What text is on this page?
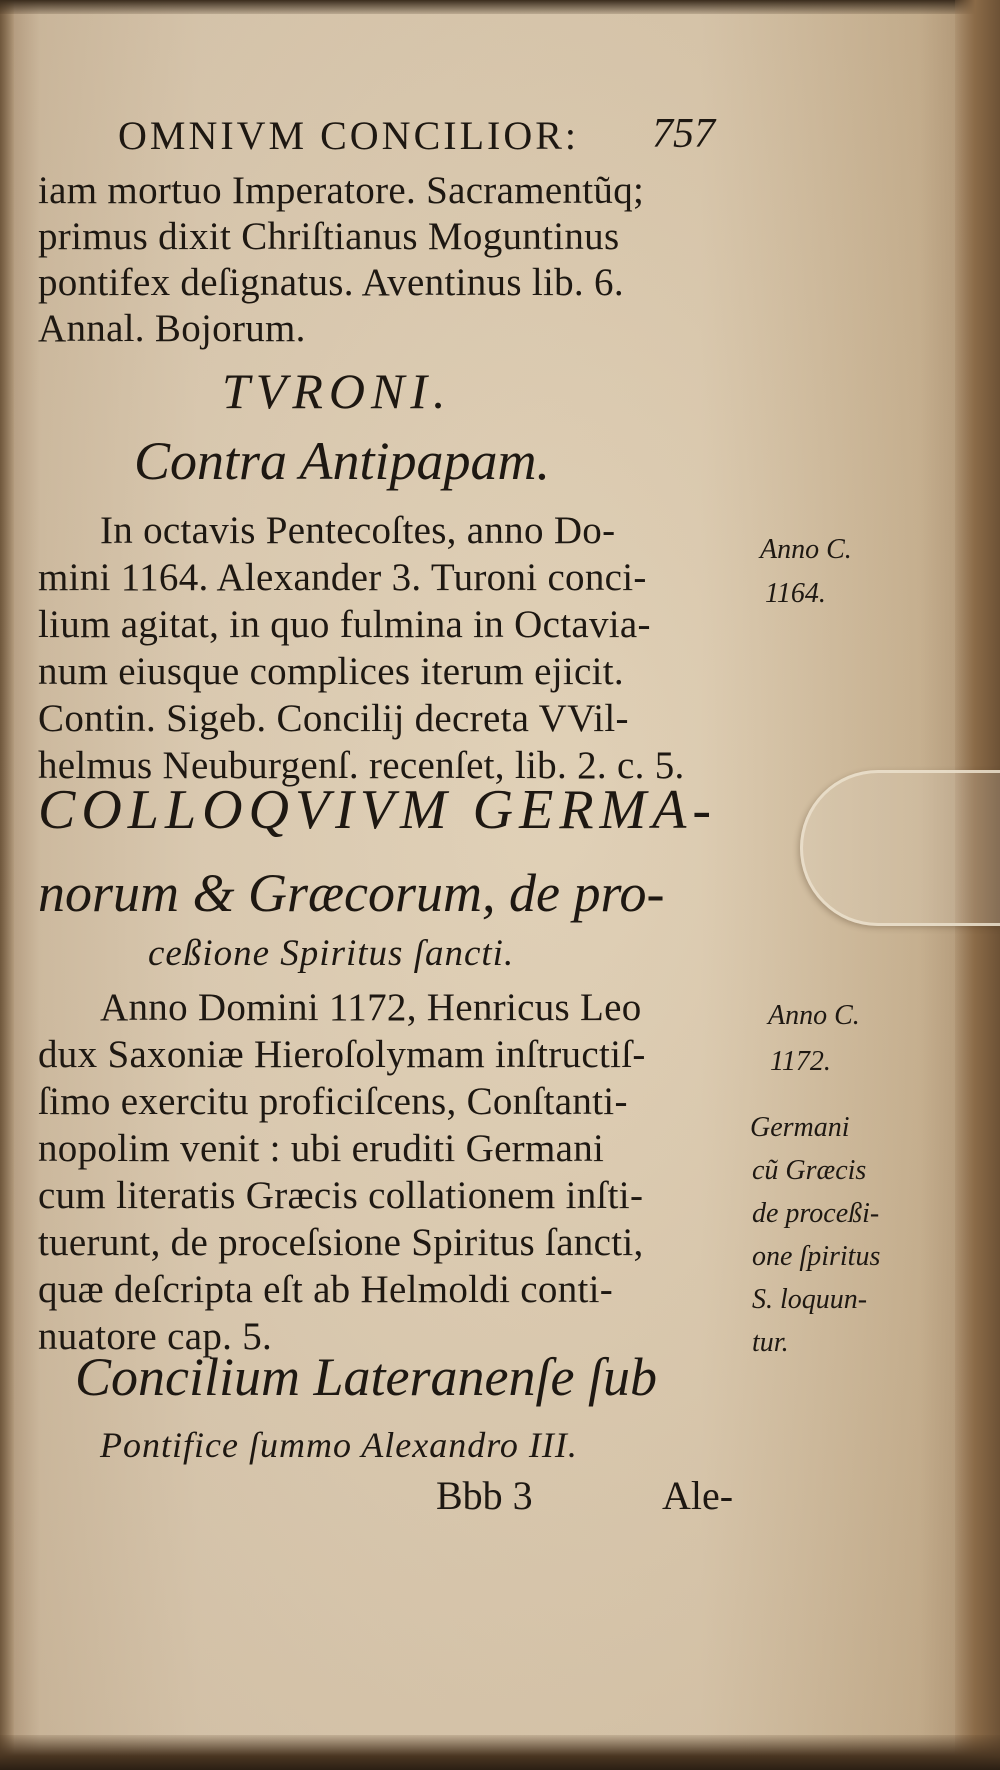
OMNIVM CONCILIOR: 757
iam mortuo Imperatore. Sacramentũq;
primus dixit Chriſtianus Moguntinus
pontifex deſignatus. Aventinus lib. 6.
Annal. Bojorum.
TVRONI.
Contra Antipapam.
In octavis Pentecoſtes, anno Do-
mini 1164. Alexander 3. Turoni conci-
lium agitat, in quo fulmina in Octavia-
num eiusque complices iterum ejicit.
Contin. Sigeb. Concilij decreta VVil-
helmus Neuburgenſ. recenſet, lib. 2. c. 5.
Anno C.
1164.
COLLOQVIVM GERMA-
norum & Græcorum, de pro-
ceßione Spiritus ſancti.
Anno Domini 1172, Henricus Leo
dux Saxoniæ Hieroſolymam inſtructiſ-
ſimo exercitu proficiſcens, Conſtanti-
nopolim venit : ubi eruditi Germani
cum literatis Græcis collationem inſti-
tuerunt, de proceſsione Spiritus ſancti,
quæ deſcripta eſt ab Helmoldi conti-
nuatore cap. 5.
Anno C.
1172.
Germani
cũ Græcis
de proceßi-
one ſpiritus
S. loquun-
tur.
Concilium Lateranenſe ſub
Pontifice ſummo Alexandro III.
Bbb 3	Ale-
